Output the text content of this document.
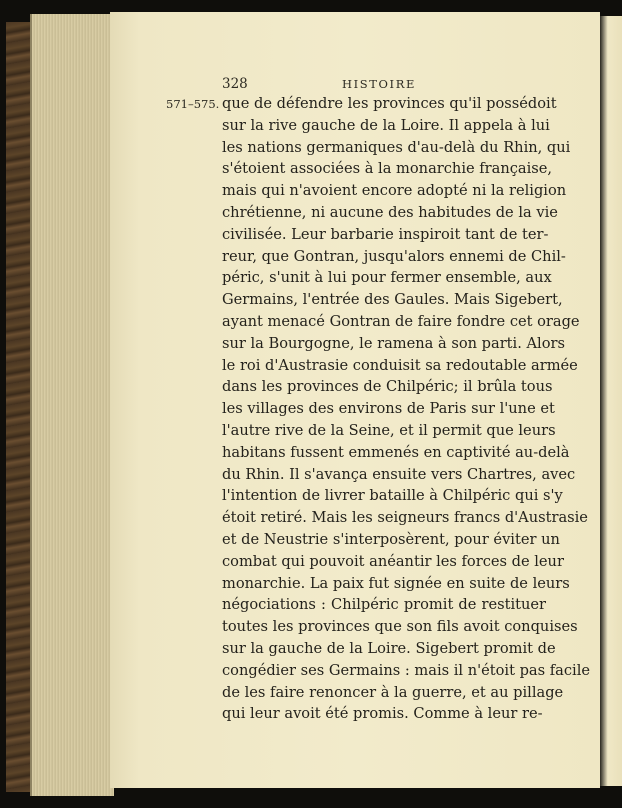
328	HISTOIRE
571–575. que de défendre les provinces qu'il possédoit
sur la rive gauche de la Loire. Il appela à lui
les nations germaniques d'au-delà du Rhin, qui
s'étoient associées à la monarchie française,
mais qui n'avoient encore adopté ni la religion
chrétienne, ni aucune des habitudes de la vie
civilisée. Leur barbarie inspiroit tant de ter-
reur, que Gontran, jusqu'alors ennemi de Chil-
péric, s'unit à lui pour fermer ensemble, aux
Germains, l'entrée des Gaules. Mais Sigebert,
ayant menacé Gontran de faire fondre cet orage
sur la Bourgogne, le ramena à son parti. Alors
le roi d'Austrasie conduisit sa redoutable armée
dans les provinces de Chilpéric; il brûla tous
les villages des environs de Paris sur l'une et
l'autre rive de la Seine, et il permit que leurs
habitans fussent emmenés en captivité au-delà
du Rhin. Il s'avança ensuite vers Chartres, avec
l'intention de livrer bataille à Chilpéric qui s'y
étoit retiré. Mais les seigneurs francs d'Austrasie
et de Neustrie s'interposèrent, pour éviter un
combat qui pouvoit anéantir les forces de leur
monarchie. La paix fut signée en suite de leurs
négociations : Chilpéric promit de restituer
toutes les provinces que son fils avoit conquises
sur la gauche de la Loire. Sigebert promit de
congédier ses Germains : mais il n'étoit pas facile
de les faire renoncer à la guerre, et au pillage
qui leur avoit été promis. Comme à leur re-
